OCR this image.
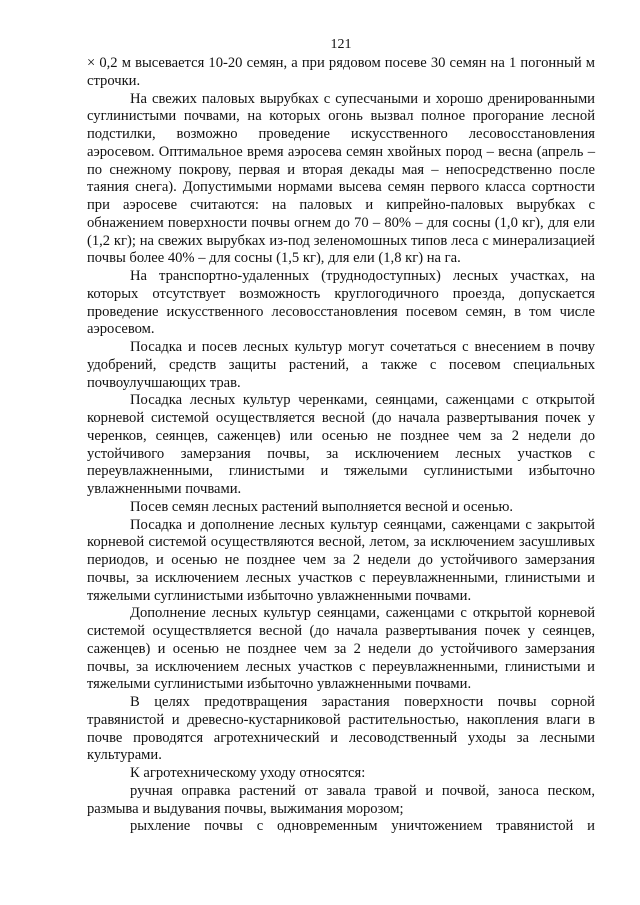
121

× 0,2 м высевается 10-20 семян, а при рядовом посеве 30 семян на 1 погонный м строчки.

На свежих паловых вырубках с супесчаными и хорошо дренированными суглинистыми почвами, на которых огонь вызвал полное прогорание лесной подстилки, возможно проведение искусственного лесовосстановления аэросевом. Оптимальное время аэросева семян хвойных пород – весна (апрель – по снежному покрову, первая и вторая декады мая – непосредственно после таяния снега). Допустимыми нормами высева семян первого класса сортности при аэросеве считаются: на паловых и кипрейно-паловых вырубках с обнажением поверхности почвы огнем до 70 – 80% – для сосны (1,0 кг), для ели (1,2 кг); на свежих вырубках из-под зеленомошных типов леса с минерализацией почвы более 40% – для сосны (1,5 кг), для ели (1,8 кг) на га.

На транспортно-удаленных (труднодоступных) лесных участках, на которых отсутствует возможность круглогодичного проезда, допускается проведение искусственного лесовосстановления посевом семян, в том числе аэросевом.

Посадка и посев лесных культур могут сочетаться с внесением в почву удобрений, средств защиты растений, а также с посевом специальных почвоулучшающих трав.

Посадка лесных культур черенками, сеянцами, саженцами с открытой корневой системой осуществляется весной (до начала развертывания почек у черенков, сеянцев, саженцев) или осенью не позднее чем за 2 недели до устойчивого замерзания почвы, за исключением лесных участков с переувлажненными, глинистыми и тяжелыми суглинистыми избыточно увлажненными почвами.

Посев семян лесных растений выполняется весной и осенью.

Посадка и дополнение лесных культур сеянцами, саженцами с закрытой корневой системой осуществляются весной, летом, за исключением засушливых периодов, и осенью не позднее чем за 2 недели до устойчивого замерзания почвы, за исключением лесных участков с переувлажненными, глинистыми и тяжелыми суглинистыми избыточно увлажненными почвами.

Дополнение лесных культур сеянцами, саженцами с открытой корневой системой осуществляется весной (до начала развертывания почек у сеянцев, саженцев) и осенью не позднее чем за 2 недели до устойчивого замерзания почвы, за исключением лесных участков с переувлажненными, глинистыми и тяжелыми суглинистыми избыточно увлажненными почвами.

В целях предотвращения зарастания поверхности почвы сорной травянистой и древесно-кустарниковой растительностью, накопления влаги в почве проводятся агротехнический и лесоводственный уходы за лесными культурами.

К агротехническому уходу относятся:

ручная оправка растений от завала травой и почвой, заноса песком, размыва и выдувания почвы, выжимания морозом;

рыхление почвы с одновременным уничтожением травянистой и
